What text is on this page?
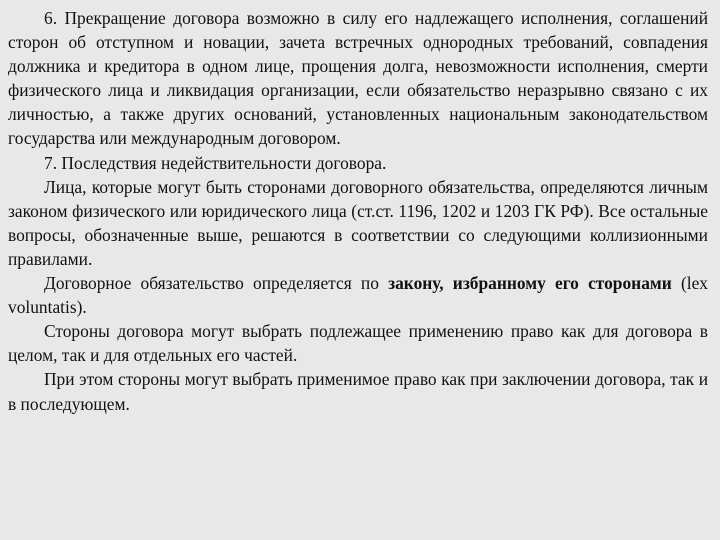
6. Прекращение договора возможно в силу его надлежащего исполнения, соглашений сторон об отступном и новации, зачета встречных однородных требований, совпадения должника и кредитора в одном лице, прощения долга, невозможности исполнения, смерти физического лица и ликвидация организации, если обязательство неразрывно связано с их личностью, а также других оснований, установленных национальным законодательством государства или международным договором.

7. Последствия недействительности договора.

Лица, которые могут быть сторонами договорного обязательства, определяются личным законом физического или юридического лица (ст.ст. 1196, 1202 и 1203 ГК РФ). Все остальные вопросы, обозначенные выше, решаются в соответствии со следующими коллизионными правилами.

Договорное обязательство определяется по закону, избранному его сторонами (lex voluntatis).

Стороны договора могут выбрать подлежащее применению право как для договора в целом, так и для отдельных его частей.

При этом стороны могут выбрать применимое право как при заключении договора, так и в последующем.
